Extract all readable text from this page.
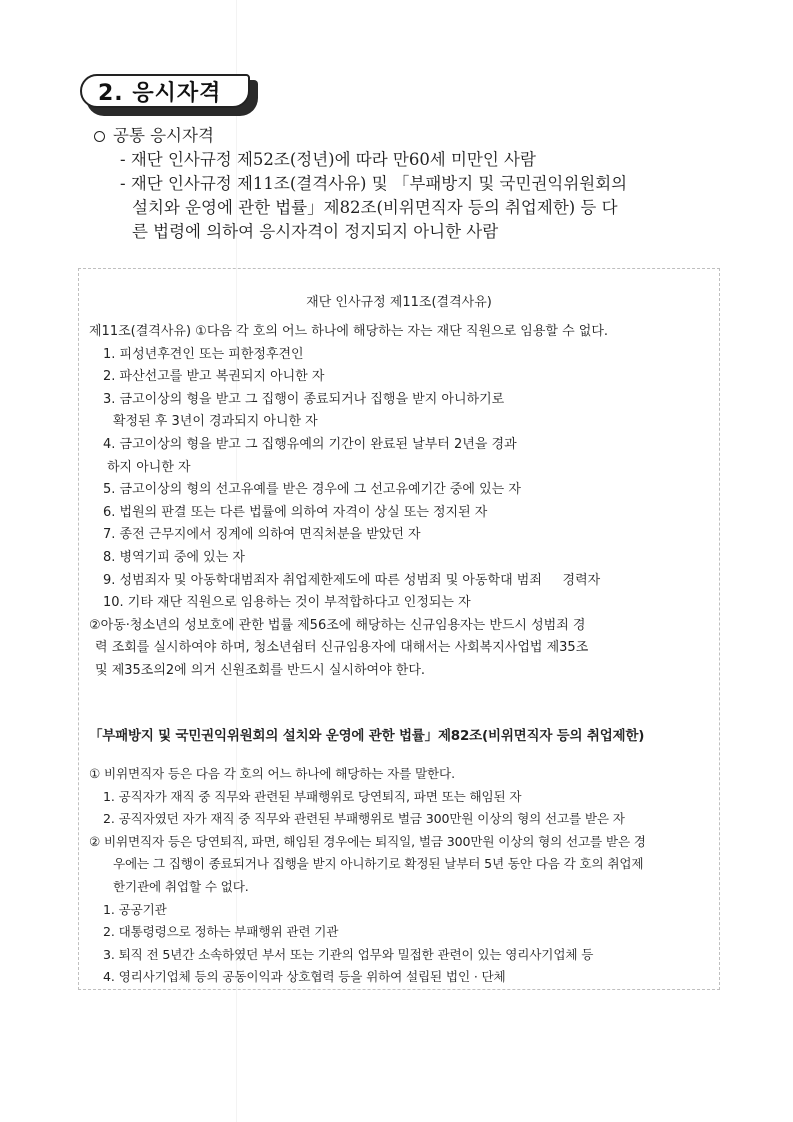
2. 응시자격
공통 응시자격
- 재단 인사규정 제52조(정년)에 따라 만60세 미만인 사람
- 재단 인사규정 제11조(결격사유) 및 「부패방지 및 국민권익위원회의
설치와 운영에 관한 법률」제82조(비위면직자 등의 취업제한) 등 다
른 법령에 의하여 응시자격이 정지되지 아니한 사람
재단 인사규정 제11조(결격사유)
제11조(결격사유) ①다음 각 호의 어느 하나에 해당하는 자는 재단 직원으로 임용할 수 없다.
1. 피성년후견인 또는 피한정후견인
2. 파산선고를 받고 복권되지 아니한 자
3. 금고이상의 형을 받고 그 집행이 종료되거나 집행을 받지 아니하기로
확정된 후 3년이 경과되지 아니한 자
4. 금고이상의 형을 받고 그 집행유예의 기간이 완료된 날부터 2년을 경과
하지 아니한 자
5. 금고이상의 형의 선고유예를 받은 경우에 그 선고유예기간 중에 있는 자
6. 법원의 판결 또는 다른 법률에 의하여 자격이 상실 또는 정지된 자
7. 종전 근무지에서 징계에 의하여 면직처분을 받았던 자
8. 병역기피 중에 있는 자
9. 성범죄자 및 아동학대범죄자 취업제한제도에 따른 성범죄 및 아동학대 범죄     경력자
10. 기타 재단 직원으로 임용하는 것이 부적합하다고 인정되는 자
②아동·청소년의 성보호에 관한 법률 제56조에 해당하는 신규임용자는 반드시 성범죄 경
력 조회를 실시하여야 하며, 청소년쉼터 신규임용자에 대해서는 사회복지사업법 제35조
및 제35조의2에 의거 신원조회를 반드시 실시하여야 한다.
「부패방지 및 국민권익위원회의 설치와 운영에 관한 법률」제82조(비위면직자 등의 취업제한)
① 비위면직자 등은 다음 각 호의 어느 하나에 해당하는 자를 말한다.
1. 공직자가 재직 중 직무와 관련된 부패행위로 당연퇴직, 파면 또는 해임된 자
2. 공직자였던 자가 재직 중 직무와 관련된 부패행위로 벌금 300만원 이상의 형의 선고를 받은 자
② 비위면직자 등은 당연퇴직, 파면, 해임된 경우에는 퇴직일, 벌금 300만원 이상의 형의 선고를 받은 경
우에는 그 집행이 종료되거나 집행을 받지 아니하기로 확정된 날부터 5년 동안 다음 각 호의 취업제
한기관에 취업할 수 없다.
1. 공공기관
2. 대통령령으로 정하는 부패행위 관련 기관
3. 퇴직 전 5년간 소속하였던 부서 또는 기관의 업무와 밀접한 관련이 있는 영리사기업체 등
4. 영리사기업체 등의 공동이익과 상호협력 등을 위하여 설립된 법인 · 단체
